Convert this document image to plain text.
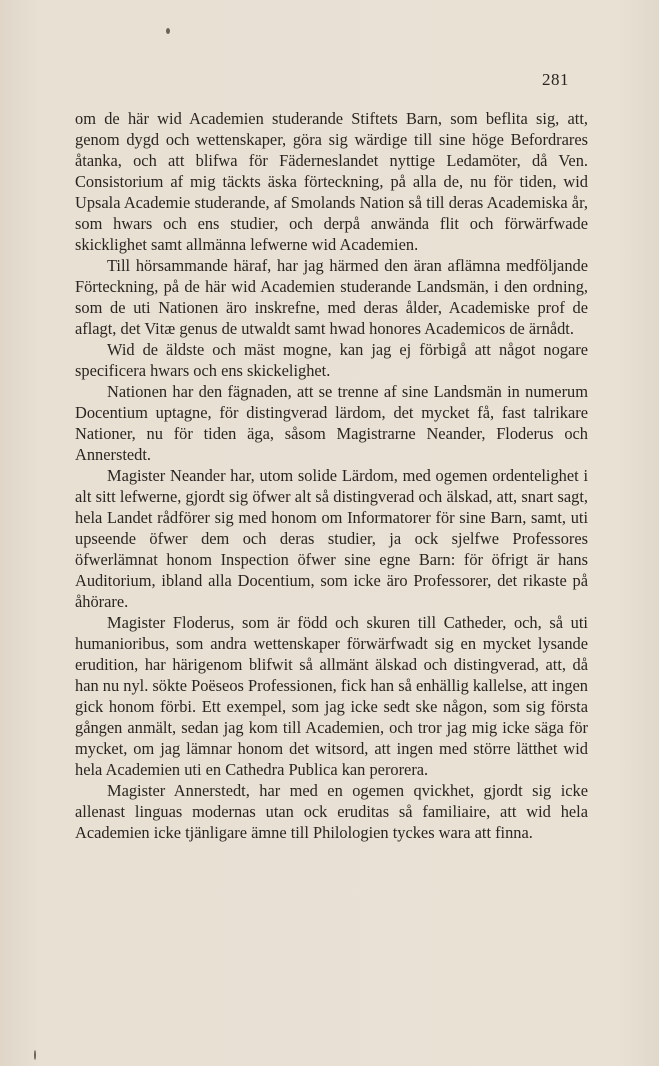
281

om de här wid Academien studerande Stiftets Barn, som beflita sig, att, genom dygd och wettenskaper, göra sig wärdige till sine höge Befordrares åtanka, och att blifwa för Fäderneslandet nyttige Ledamöter, då Ven. Consistorium af mig täckts äska förteckning, på alla de, nu för tiden, wid Upsala Academie studerande, af Smolands Nation så till deras Academiska år, som hwars och ens studier, och derpå anwända flit och förwärfwade skicklighet samt allmänna lefwerne wid Academien.

Till hörsammande häraf, har jag härmed den äran aflämna medföljande Förteckning, på de här wid Academien studerande Landsmän, i den ordning, som de uti Nationen äro inskrefne, med deras ålder, Academiske prof de aflagt, det Vitæ genus de utwaldt samt hwad honores Academicos de ärnådt.

Wid de äldste och mäst mogne, kan jag ej förbigå att något nogare specificera hwars och ens skickelighet.

Nationen har den fägnaden, att se trenne af sine Landsmän in numerum Docentium uptagne, för distingverad lärdom, det mycket få, fast talrikare Nationer, nu för tiden äga, såsom Magistrarne Neander, Floderus och Annerstedt.

Magister Neander har, utom solide Lärdom, med ogemen ordentelighet i alt sitt lefwerne, gjordt sig öfwer alt så distingverad och älskad, att, snart sagt, hela Landet rådförer sig med honom om Informatorer för sine Barn, samt, uti upseende öfwer dem och deras studier, ja ock sjelfwe Professores öfwerlämnat honom Inspection öfwer sine egne Barn: för öfrigt är hans Auditorium, ibland alla Docentium, som icke äro Professorer, det rikaste på åhörare.

Magister Floderus, som är född och skuren till Catheder, och, så uti humanioribus, som andra wettenskaper förwärfwadt sig en mycket lysande erudition, har härigenom blifwit så allmänt älskad och distingverad, att, då han nu nyl. sökte Poëseos Professionen, fick han så enhällig kallelse, att ingen gick honom förbi. Ett exempel, som jag icke sedt ske någon, som sig första gången anmält, sedan jag kom till Academien, och tror jag mig icke säga för mycket, om jag lämnar honom det witsord, att ingen med större lätthet wid hela Academien uti en Cathedra Publica kan perorera.

Magister Annerstedt, har med en ogemen qvickhet, gjordt sig icke allenast linguas modernas utan ock eruditas så familiaire, att wid hela Academien icke tjänligare ämne till Philologien tyckes wara att finna.
